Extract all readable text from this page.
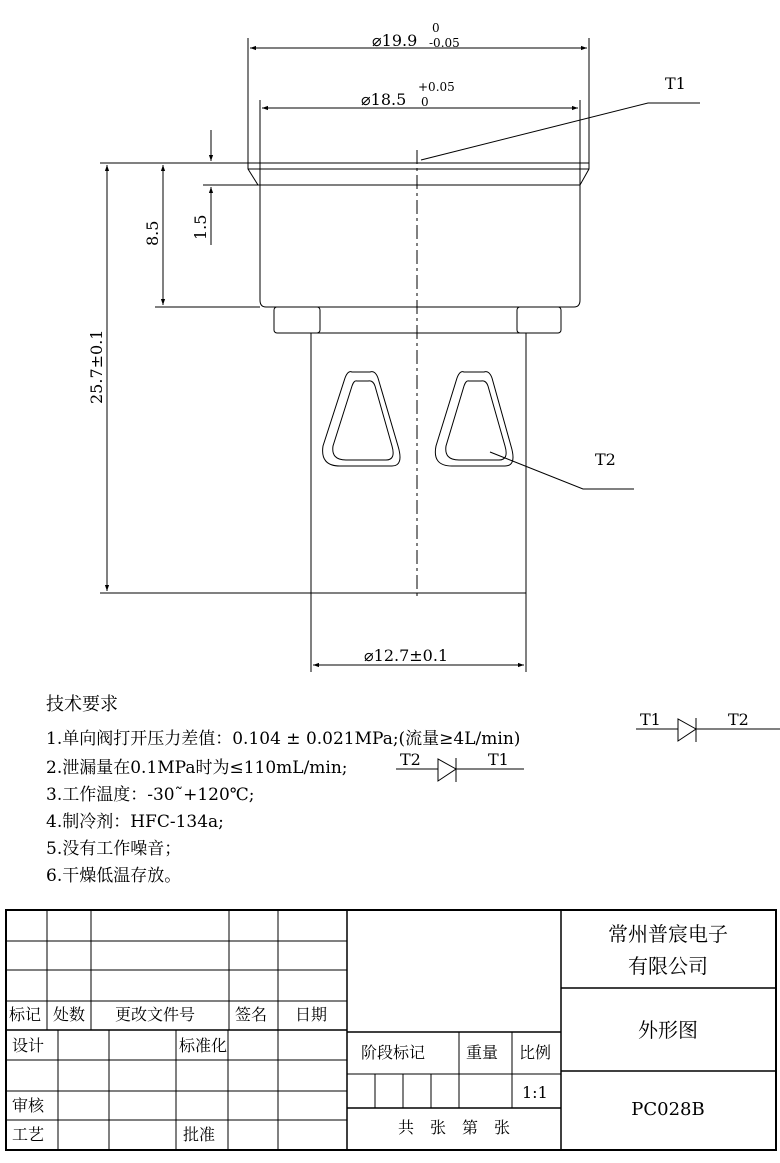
⌀19.9
0
-0.05
⌀18.5
+0.05
0
T1
T2
25.7±0.1
8.5 1.5
⌀12.7±0.1
技术要求
1.单向阀打开压力差值：0.104 ± 0.021MPa;(流量≥4L/min)
2.泄漏量在0.1MPa时为≤110mL/min;
3.工作温度：-30˜+120℃;
4.制冷剂：HFC-134a;
5.没有工作噪音；
6.干燥低温存放。
T1	T2
T2	T1
标记 处数 更改文件号 签名 日期
设计	标准化
审核
工艺	批准
阶段标记	重量 比例
1:1
共　张　第　张
常州普宸电子
有限公司
外形图
PC028B
